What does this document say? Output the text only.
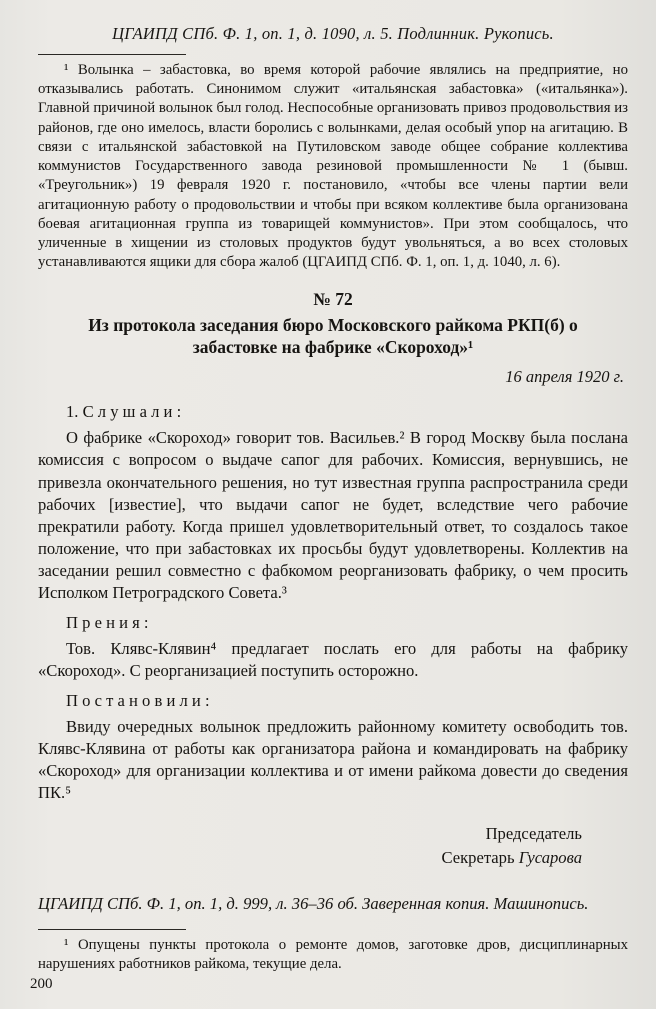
ЦГАИПД СПб. Ф. 1, оп. 1, д. 1090, л. 5. Подлинник. Рукопись.

¹ Волынка – забастовка, во время которой рабочие являлись на предприятие, но отказывались работать. Синонимом служит «итальянская забастовка» («итальянка»). Главной причиной волынок был голод. Неспособные организовать привоз продовольствия из районов, где оно имелось, власти боролись с волынками, делая особый упор на агитацию. В связи с итальянской забастовкой на Путиловском заводе общее собрание коллектива коммунистов Государственного завода резиновой промышленности № 1 (бывш. «Треугольник») 19 февраля 1920 г. постановило, «чтобы все члены партии вели агитационную работу о продовольствии и чтобы при всяком коллективе была организована боевая агитационная группа из товарищей коммунистов». При этом сообщалось, что уличенные в хищении из столовых продуктов будут увольняться, а во всех столовых устанавливаются ящики для сбора жалоб (ЦГАИПД СПб. Ф. 1, оп. 1, д. 1040, л. 6).

№ 72
Из протокола заседания бюро Московского райкома РКП(б) о забастовке на фабрике «Скороход»¹
16 апреля 1920 г.

1. С л у ш а л и :

О фабрике «Скороход» говорит тов. Васильев.² В город Москву была послана комиссия с вопросом о выдаче сапог для рабочих. Комиссия, вернувшись, не привезла окончательного решения, но тут известная группа распространила среди рабочих [известие], что выдачи сапог не будет, вследствие чего рабочие прекратили работу. Когда пришел удовлетворительный ответ, то создалось такое положение, что при забастовках их просьбы будут удовлетворены. Коллектив на заседании решил совместно с фабкомом реорганизовать фабрику, о чем просить Исполком Петроградского Совета.³

П р е н и я :

Тов. Клявс-Клявин⁴ предлагает послать его для работы на фабрику «Скороход». С реорганизацией поступить осторожно.

П о с т а н о в и л и :

Ввиду очередных волынок предложить районному комитету освободить тов. Клявс-Клявина от работы как организатора района и командировать на фабрику «Скороход» для организации коллектива и от имени райкома довести до сведения ПК.⁵

Председатель
Секретарь Гусарова

ЦГАИПД СПб. Ф. 1, оп. 1, д. 999, л. 36–36 об. Заверенная копия. Машинопись.

¹ Опущены пункты протокола о ремонте домов, заготовке дров, дисциплинарных нарушениях работников райкома, текущие дела.

200
